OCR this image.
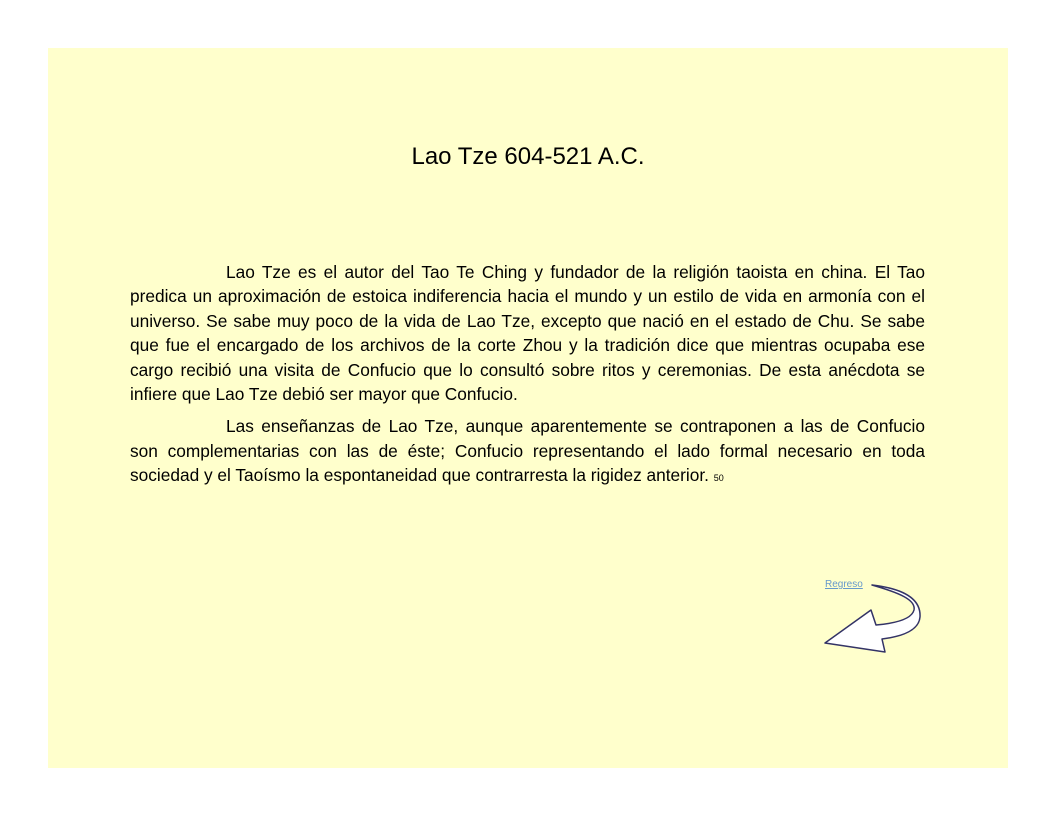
Lao Tze 604-521 A.C.

Lao Tze es el autor del Tao Te Ching y fundador de la religión taoista en china. El Tao predica un aproximación de estoica indiferencia hacia el mundo y un estilo de vida en armonía con el universo. Se sabe muy poco de la vida de Lao Tze, excepto que nació en el estado de Chu. Se sabe que fue el encargado de los archivos de la corte Zhou y la tradición dice que mientras ocupaba ese cargo recibió una visita de Confucio que lo consultó sobre ritos y ceremonias. De esta anécdota se infiere que Lao Tze debió ser mayor que Confucio.

Las enseñanzas de Lao Tze, aunque aparentemente se contraponen a las de Confucio son complementarias con las de éste; Confucio representando el lado formal necesario en toda sociedad y el Taoísmo la espontaneidad que contrarresta la rigidez anterior. 50

Regreso
